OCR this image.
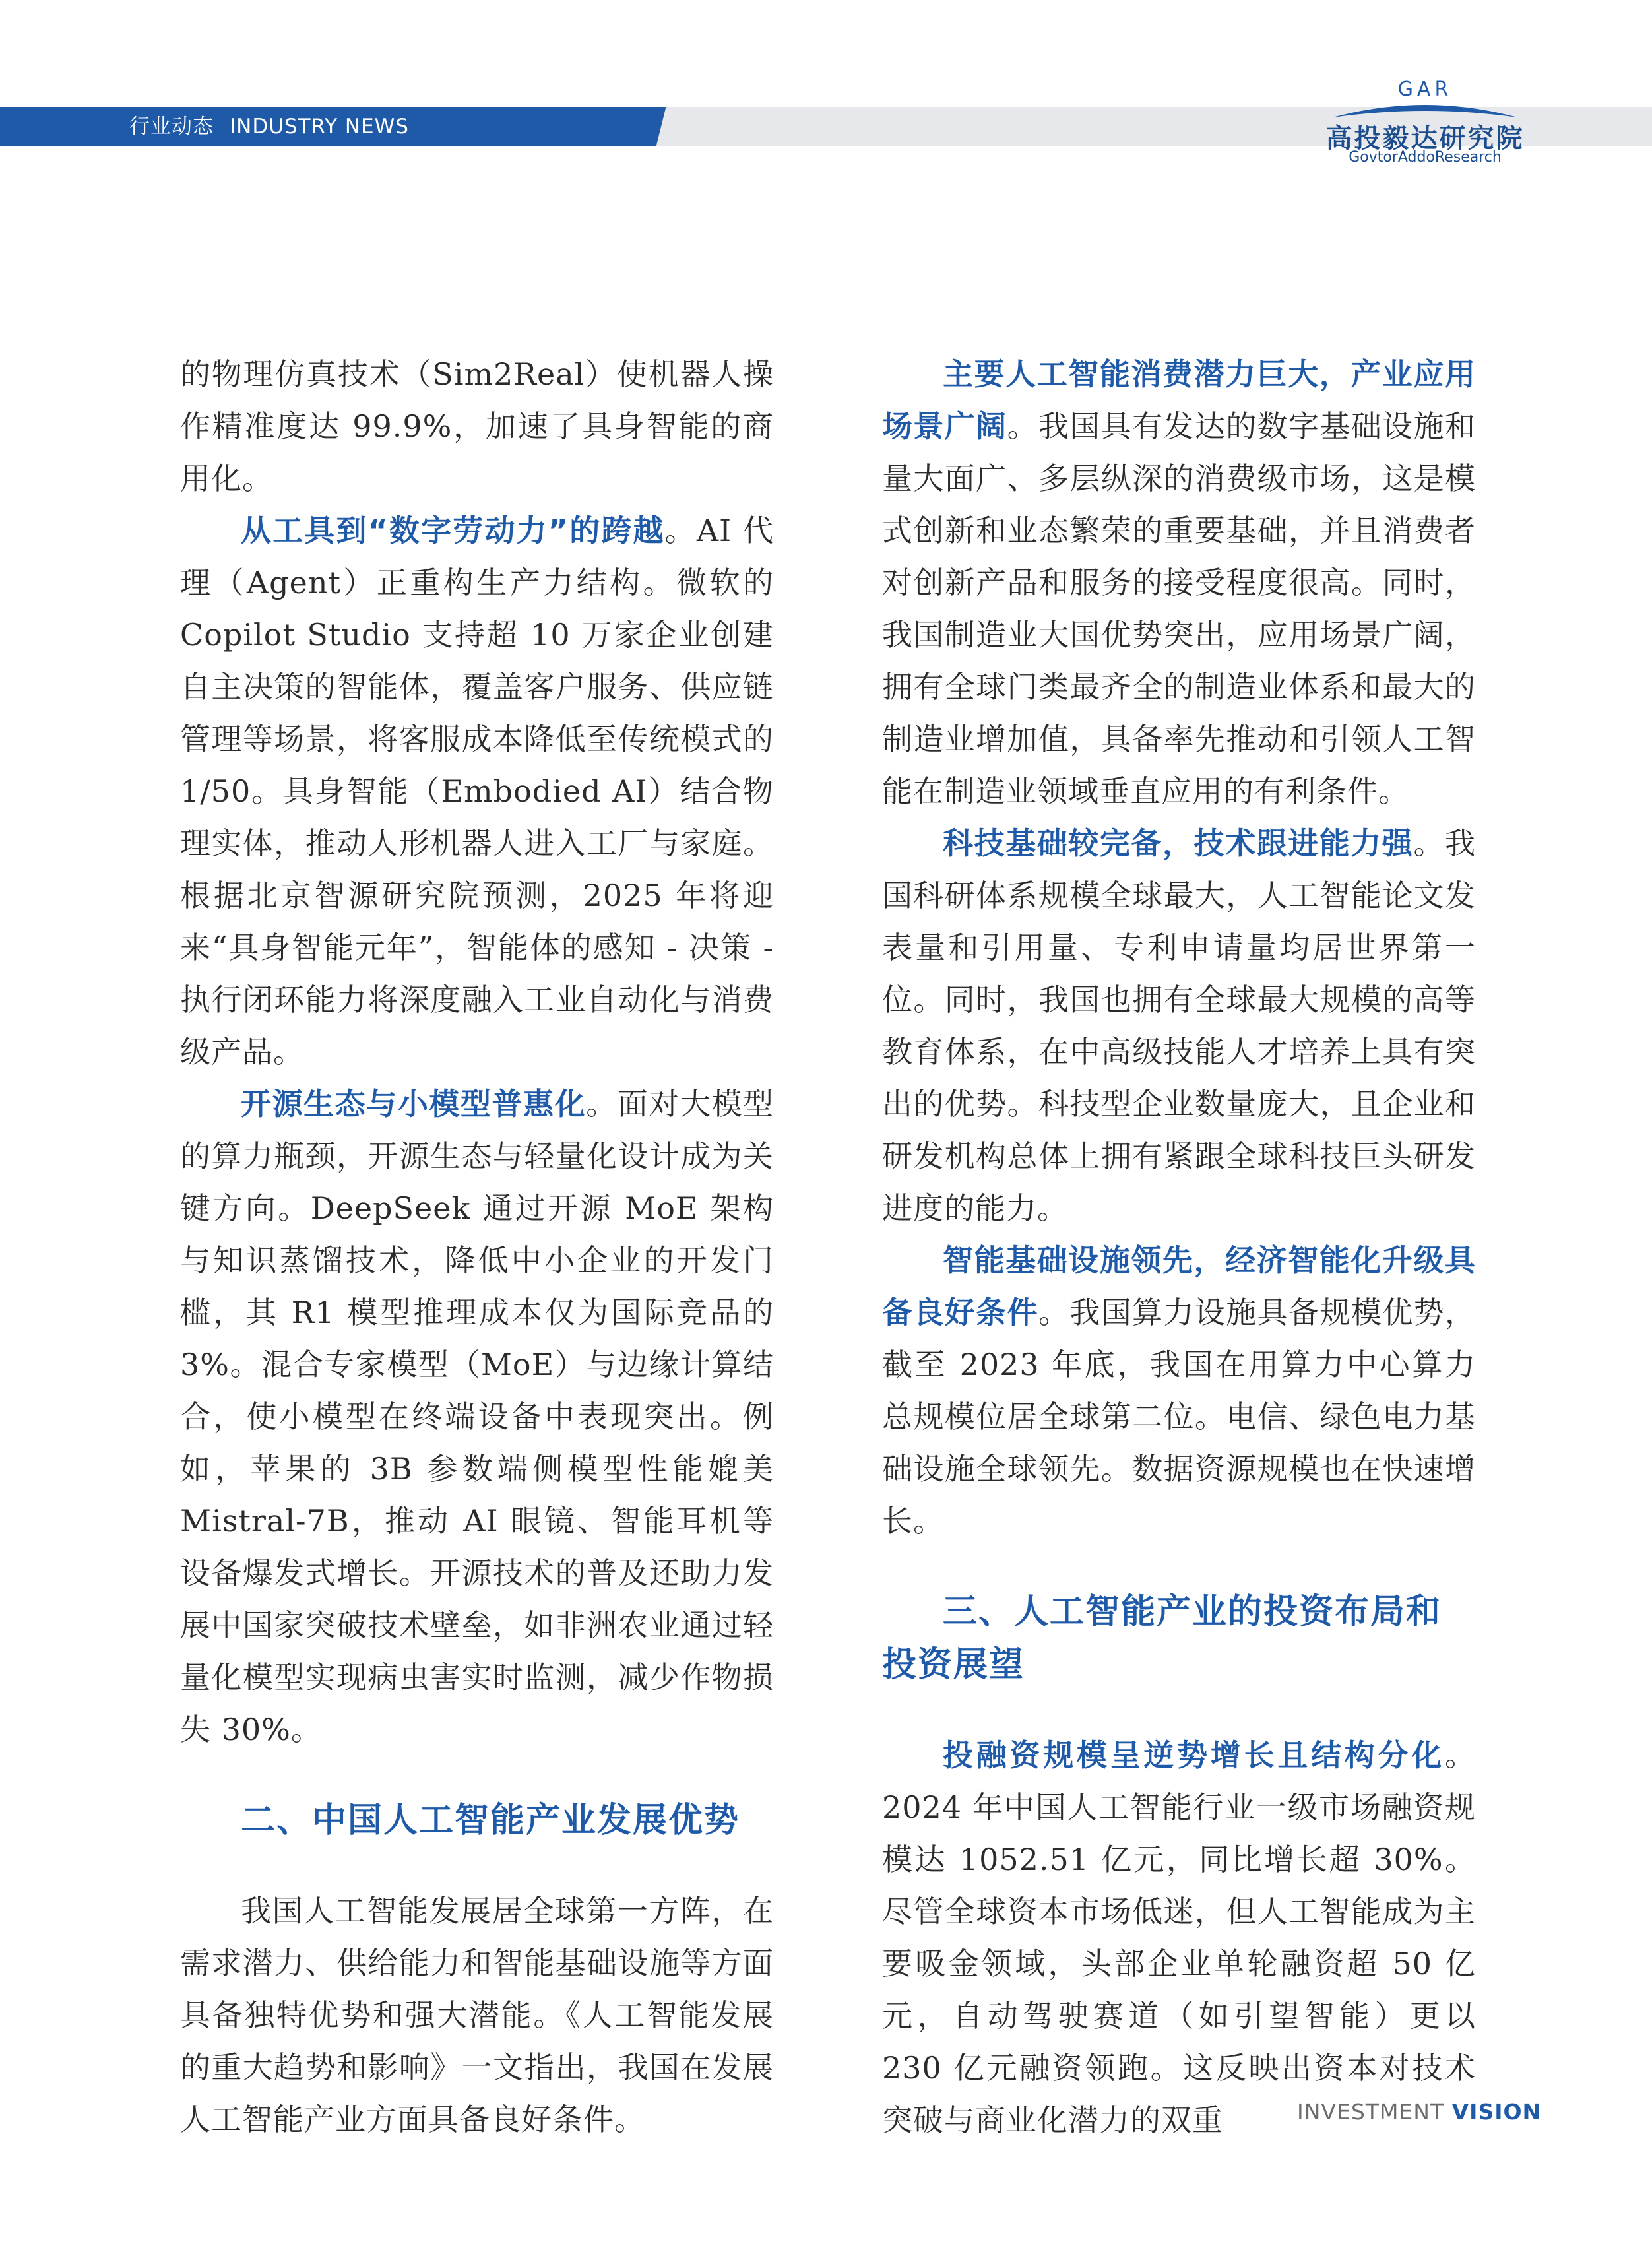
行业动态 INDUSTRY NEWS
GAR
高投毅达研究院
GovtorAddoResearch

的物理仿真技术（Sim2Real）使机器人操作精准度达 99.9%，加速了具身智能的商用化。

从工具到“数字劳动力”的跨越。AI 代理（Agent）正重构生产力结构。微软的 Copilot Studio 支持超 10 万家企业创建自主决策的智能体，覆盖客户服务、供应链管理等场景，将客服成本降低至传统模式的 1/50。具身智能（Embodied AI）结合物理实体，推动人形机器人进入工厂与家庭。根据北京智源研究院预测，2025 年将迎来“具身智能元年”，智能体的感知 - 决策 - 执行闭环能力将深度融入工业自动化与消费级产品。

开源生态与小模型普惠化。面对大模型的算力瓶颈，开源生态与轻量化设计成为关键方向。DeepSeek 通过开源 MoE 架构与知识蒸馏技术，降低中小企业的开发门槛，其 R1 模型推理成本仅为国际竞品的 3%。混合专家模型（MoE）与边缘计算结合，使小模型在终端设备中表现突出。例如，苹果的 3B 参数端侧模型性能媲美 Mistral-7B，推动 AI 眼镜、智能耳机等设备爆发式增长。开源技术的普及还助力发展中国家突破技术壁垒，如非洲农业通过轻量化模型实现病虫害实时监测，减少作物损失 30%。

二、中国人工智能产业发展优势

我国人工智能发展居全球第一方阵，在需求潜力、供给能力和智能基础设施等方面具备独特优势和强大潜能。《人工智能发展的重大趋势和影响》一文指出，我国在发展人工智能产业方面具备良好条件。

主要人工智能消费潜力巨大，产业应用场景广阔。我国具有发达的数字基础设施和量大面广、多层纵深的消费级市场，这是模式创新和业态繁荣的重要基础，并且消费者对创新产品和服务的接受程度很高。同时，我国制造业大国优势突出，应用场景广阔，拥有全球门类最齐全的制造业体系和最大的制造业增加值，具备率先推动和引领人工智能在制造业领域垂直应用的有利条件。

科技基础较完备，技术跟进能力强。我国科研体系规模全球最大，人工智能论文发表量和引用量、专利申请量均居世界第一位。同时，我国也拥有全球最大规模的高等教育体系，在中高级技能人才培养上具有突出的优势。科技型企业数量庞大，且企业和研发机构总体上拥有紧跟全球科技巨头研发进度的能力。

智能基础设施领先，经济智能化升级具备良好条件。我国算力设施具备规模优势，截至 2023 年底，我国在用算力中心算力总规模位居全球第二位。电信、绿色电力基础设施全球领先。数据资源规模也在快速增长。

三、人工智能产业的投资布局和投资展望

投融资规模呈逆势增长且结构分化。2024 年中国人工智能行业一级市场融资规模达 1052.51 亿元，同比增长超 30%。尽管全球资本市场低迷，但人工智能成为主要吸金领域，头部企业单轮融资超 50 亿元，自动驾驶赛道（如引望智能）更以 230 亿元融资领跑。这反映出资本对技术突破与商业化潜力的双重	INVESTMENT VISION
